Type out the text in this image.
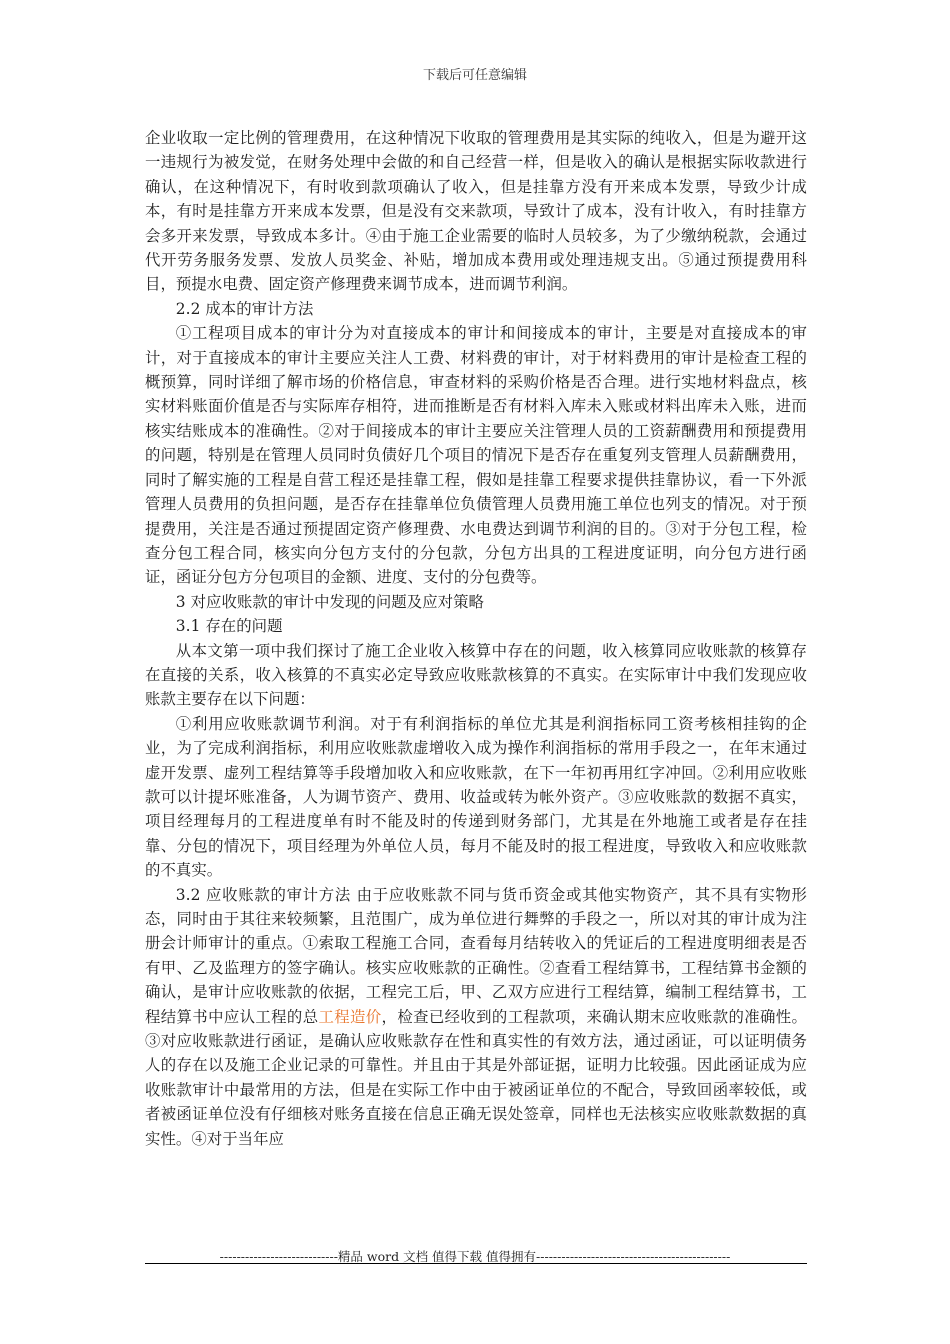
下载后可任意编辑

企业收取一定比例的管理费用，在这种情况下收取的管理费用是其实际的纯收入，但是为避开这一违规行为被发觉，在财务处理中会做的和自己经营一样，但是收入的确认是根据实际收款进行确认，在这种情况下，有时收到款项确认了收入，但是挂靠方没有开来成本发票，导致少计成本，有时是挂靠方开来成本发票，但是没有交来款项，导致计了成本，没有计收入，有时挂靠方会多开来发票，导致成本多计。④由于施工企业需要的临时人员较多，为了少缴纳税款，会通过代开劳务服务发票、发放人员奖金、补贴，增加成本费用或处理违规支出。⑤通过预提费用科目，预提水电费、固定资产修理费来调节成本，进而调节利润。

2.2 成本的审计方法

①工程项目成本的审计分为对直接成本的审计和间接成本的审计，主要是对直接成本的审计，对于直接成本的审计主要应关注人工费、材料费的审计，对于材料费用的审计是检查工程的概预算，同时详细了解市场的价格信息，审查材料的采购价格是否合理。进行实地材料盘点，核实材料账面价值是否与实际库存相符，进而推断是否有材料入库未入账或材料出库未入账，进而核实结账成本的准确性。②对于间接成本的审计主要应关注管理人员的工资薪酬费用和预提费用的问题，特别是在管理人员同时负债好几个项目的情况下是否存在重复列支管理人员薪酬费用，同时了解实施的工程是自营工程还是挂靠工程，假如是挂靠工程要求提供挂靠协议，看一下外派管理人员费用的负担问题，是否存在挂靠单位负债管理人员费用施工单位也列支的情况。对于预提费用，关注是否通过预提固定资产修理费、水电费达到调节利润的目的。③对于分包工程，检查分包工程合同，核实向分包方支付的分包款，分包方出具的工程进度证明，向分包方进行函证，函证分包方分包项目的金额、进度、支付的分包费等。

3 对应收账款的审计中发现的问题及应对策略

3.1 存在的问题

从本文第一项中我们探讨了施工企业收入核算中存在的问题，收入核算同应收账款的核算存在直接的关系，收入核算的不真实必定导致应收账款核算的不真实。在实际审计中我们发现应收账款主要存在以下问题：

①利用应收账款调节利润。对于有利润指标的单位尤其是利润指标同工资考核相挂钩的企业，为了完成利润指标，利用应收账款虚增收入成为操作利润指标的常用手段之一，在年末通过虚开发票、虚列工程结算等手段增加收入和应收账款，在下一年初再用红字冲回。②利用应收账款可以计提坏账准备，人为调节资产、费用、收益或转为帐外资产。③应收账款的数据不真实，项目经理每月的工程进度单有时不能及时的传递到财务部门，尤其是在外地施工或者是存在挂靠、分包的情况下，项目经理为外单位人员，每月不能及时的报工程进度，导致收入和应收账款的不真实。

3.2 应收账款的审计方法 由于应收账款不同与货币资金或其他实物资产，其不具有实物形态，同时由于其往来较频繁，且范围广，成为单位进行舞弊的手段之一，所以对其的审计成为注册会计师审计的重点。①索取工程施工合同，查看每月结转收入的凭证后的工程进度明细表是否有甲、乙及监理方的签字确认。核实应收账款的正确性。②查看工程结算书，工程结算书金额的确认，是审计应收账款的依据，工程完工后，甲、乙双方应进行工程结算，编制工程结算书，工程结算书中应认工程的总工程造价，检查已经收到的工程款项，来确认期末应收账款的准确性。③对应收账款进行函证，是确认应收账款存在性和真实性的有效方法，通过函证，可以证明债务人的存在以及施工企业记录的可靠性。并且由于其是外部证据，证明力比较强。因此函证成为应收账款审计中最常用的方法，但是在实际工作中由于被函证单位的不配合，导致回函率较低，或者被函证单位没有仔细核对账务直接在信息正确无误处签章，同样也无法核实应收账款数据的真实性。④对于当年应

----------------------------精品 word 文档 值得下载 值得拥有----------------------------------------------
